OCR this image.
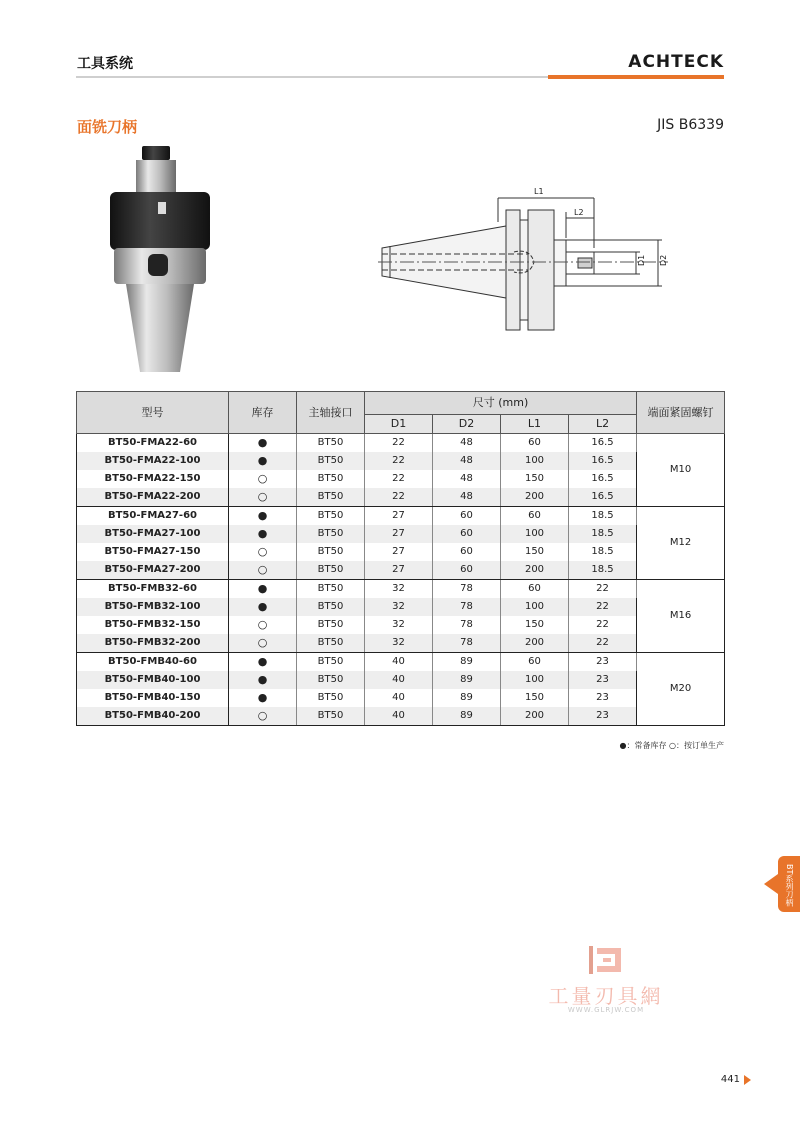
工具系统	ACHTECK
面铣刀柄	JIS B6339
L1
L2
D1 D2
型号	库存	主轴接口	尺寸 (mm)				端面紧固螺钉
			D1	D2	L1	L2	
BT50-FMA22-60	●	BT50	22	48	60	16.5	M10
BT50-FMA22-100	●	BT50	22	48	100	16.5	
BT50-FMA22-150	○	BT50	22	48	150	16.5	
BT50-FMA22-200	○	BT50	22	48	200	16.5	
BT50-FMA27-60	●	BT50	27	60	60	18.5	M12
BT50-FMA27-100	●	BT50	27	60	100	18.5	
BT50-FMA27-150	○	BT50	27	60	150	18.5	
BT50-FMA27-200	○	BT50	27	60	200	18.5	
BT50-FMB32-60	●	BT50	32	78	60	22	M16
BT50-FMB32-100	●	BT50	32	78	100	22	
BT50-FMB32-150	○	BT50	32	78	150	22	
BT50-FMB32-200	○	BT50	32	78	200	22	
BT50-FMB40-60	●	BT50	40	89	60	23	M20
BT50-FMB40-100	●	BT50	40	89	100	23	
BT50-FMB40-150	●	BT50	40	89	150	23	
BT50-FMB40-200	○	BT50	40	89	200	23	
●：常备库存 ○：按订单生产
BT系列刀柄
工量刃具網
WWW.GLRJW.COM
441
